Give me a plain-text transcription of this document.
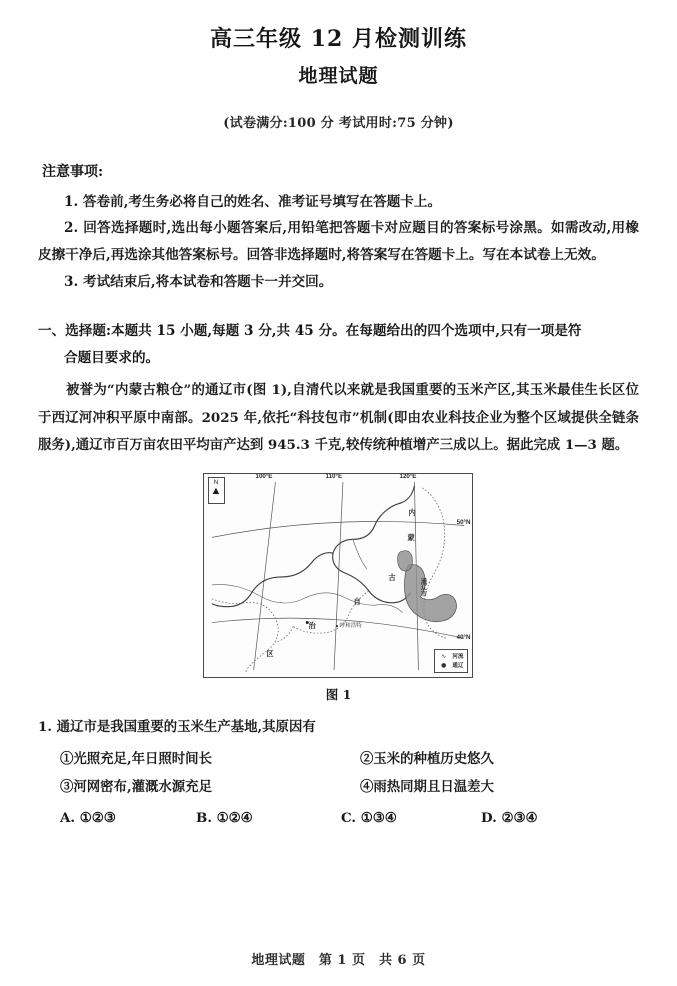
高三年级 12 月检测训练
地理试题

(试卷满分:100 分 考试用时:75 分钟)

注意事项:

1. 答卷前,考生务必将自己的姓名、准考证号填写在答题卡上。

2. 回答选择题时,选出每小题答案后,用铅笔把答题卡对应题目的答案标号涂黑。如需改动,用橡皮擦干净后,再选涂其他答案标号。回答非选择题时,将答案写在答题卡上。写在本试卷上无效。

3. 考试结束后,将本试卷和答题卡一并交回。

一、选择题:本题共 15 小题,每题 3 分,共 45 分。在每题给出的四个选项中,只有一项是符
合题目要求的。

被誉为“内蒙古粮仓”的通辽市(图 1),自清代以来就是我国重要的玉米产区,其玉米最佳生长区位于西辽河冲积平原中南部。2025 年,依托“科技包市”机制(即由农业科技企业为整个区域提供全链条服务),通辽市百万亩农田平均亩产达到 945.3 千克,较传统种植增产三成以上。据此完成 1—3 题。

100°E	110°E	120°E
50°N
40°N
内
蒙
古
自
治
区
通辽市
呼和浩特
N
▲
∿	河流
●	通辽
图 1
1. 通辽市是我国重要的玉米生产基地,其原因有
①光照充足,年日照时间长	②玉米的种植历史悠久
③河网密布,灌溉水源充足	④雨热同期且日温差大
A. ①②③	B. ①②④	C. ①③④	D. ②③④
地理试题　第 1 页　共 6 页
